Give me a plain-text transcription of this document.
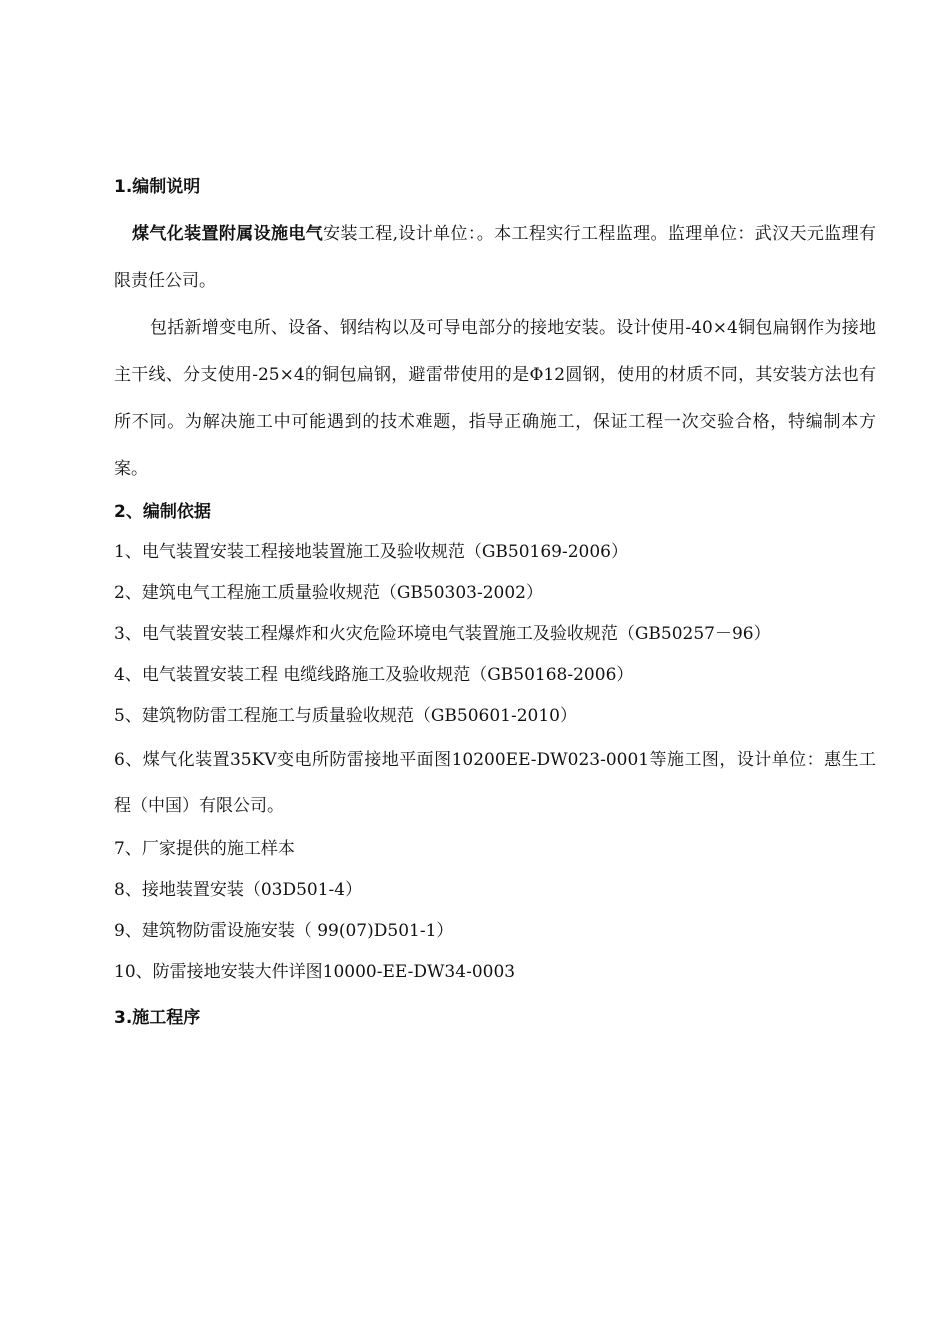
1.编制说明

煤气化装置附属设施电气安装工程,设计单位：。本工程实行工程监理。监理单位：武汉天元监理有限责任公司。

包括新增变电所、设备、钢结构以及可导电部分的接地安装。设计使用-40×4铜包扁钢作为接地主干线、分支使用-25×4的铜包扁钢，避雷带使用的是Φ12圆钢，使用的材质不同，其安装方法也有所不同。为解决施工中可能遇到的技术难题，指导正确施工，保证工程一次交验合格，特编制本方案。

2、编制依据

1、电气装置安装工程接地装置施工及验收规范（GB50169-2006）

2、建筑电气工程施工质量验收规范（GB50303-2002）

3、电气装置安装工程爆炸和火灾危险环境电气装置施工及验收规范（GB50257－96）

4、电气装置安装工程 电缆线路施工及验收规范（GB50168-2006）

5、建筑物防雷工程施工与质量验收规范（GB50601-2010）

6、煤气化装置35KV变电所防雷接地平面图10200EE-DW023-0001等施工图，设计单位：惠生工程（中国）有限公司。

7、厂家提供的施工样本

8、接地装置安装（03D501-4）

9、建筑物防雷设施安装（ 99(07)D501-1）

10、防雷接地安装大件详图10000-EE-DW34-0003

3.施工程序
